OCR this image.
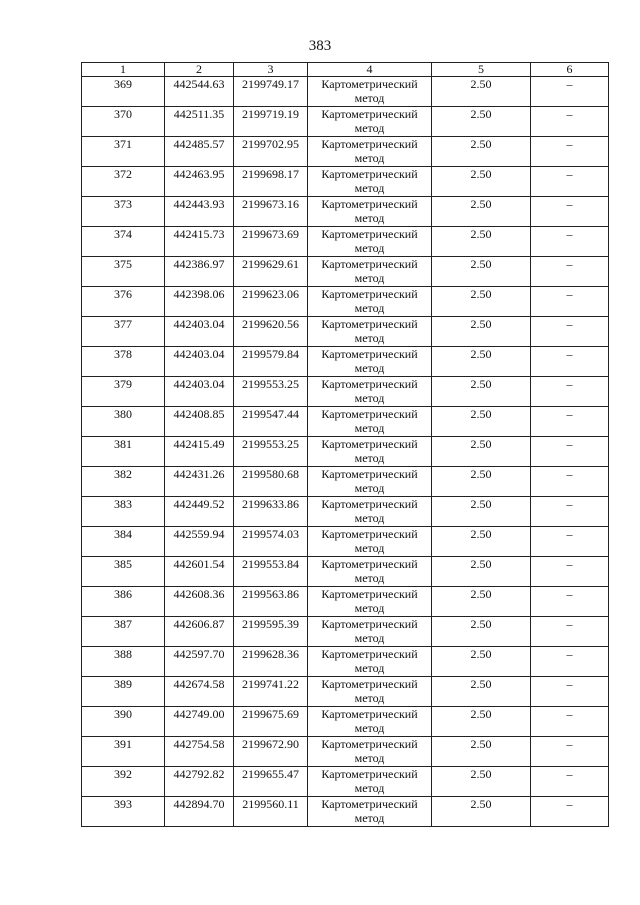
383
1	2	3	4	5	6
369	442544.63	2199749.17	Картометрический метод	2.50	–
370	442511.35	2199719.19	Картометрический метод	2.50	–
371	442485.57	2199702.95	Картометрический метод	2.50	–
372	442463.95	2199698.17	Картометрический метод	2.50	–
373	442443.93	2199673.16	Картометрический метод	2.50	–
374	442415.73	2199673.69	Картометрический метод	2.50	–
375	442386.97	2199629.61	Картометрический метод	2.50	–
376	442398.06	2199623.06	Картометрический метод	2.50	–
377	442403.04	2199620.56	Картометрический метод	2.50	–
378	442403.04	2199579.84	Картометрический метод	2.50	–
379	442403.04	2199553.25	Картометрический метод	2.50	–
380	442408.85	2199547.44	Картометрический метод	2.50	–
381	442415.49	2199553.25	Картометрический метод	2.50	–
382	442431.26	2199580.68	Картометрический метод	2.50	–
383	442449.52	2199633.86	Картометрический метод	2.50	–
384	442559.94	2199574.03	Картометрический метод	2.50	–
385	442601.54	2199553.84	Картометрический метод	2.50	–
386	442608.36	2199563.86	Картометрический метод	2.50	–
387	442606.87	2199595.39	Картометрический метод	2.50	–
388	442597.70	2199628.36	Картометрический метод	2.50	–
389	442674.58	2199741.22	Картометрический метод	2.50	–
390	442749.00	2199675.69	Картометрический метод	2.50	–
391	442754.58	2199672.90	Картометрический метод	2.50	–
392	442792.82	2199655.47	Картометрический метод	2.50	–
393	442894.70	2199560.11	Картометрический метод	2.50	–
